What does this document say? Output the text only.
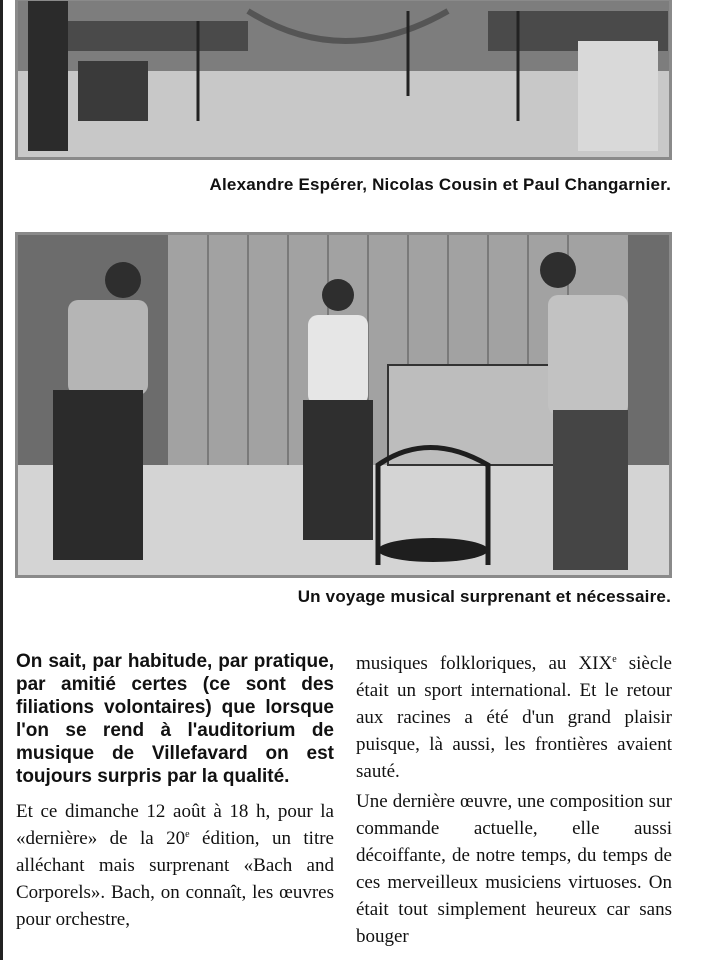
Alexandre Espérer, Nicolas Cousin et Paul Changarnier.
Un voyage musical surprenant et nécessaire.

On sait, par habitude, par pratique, par amitié certes (ce sont des filiations volontaires) que lorsque l'on se rend à l'auditorium de musique de Villefavard on est toujours surpris par la qualité.

Et ce dimanche 12 août à 18 h, pour la «dernière» de la 20e édition, un titre alléchant mais surprenant «Bach and Corporels». Bach, on connaît, les œuvres pour orchestre,

musiques folkloriques, au XIXe siècle était un sport international. Et le retour aux racines a été d'un grand plaisir puisque, là aussi, les frontières avaient sauté.

Une dernière œuvre, une composition sur commande actuelle, elle aussi décoiffante, de notre temps, du temps de ces merveilleux musiciens virtuoses. On était tout simplement heureux car sans bouger
